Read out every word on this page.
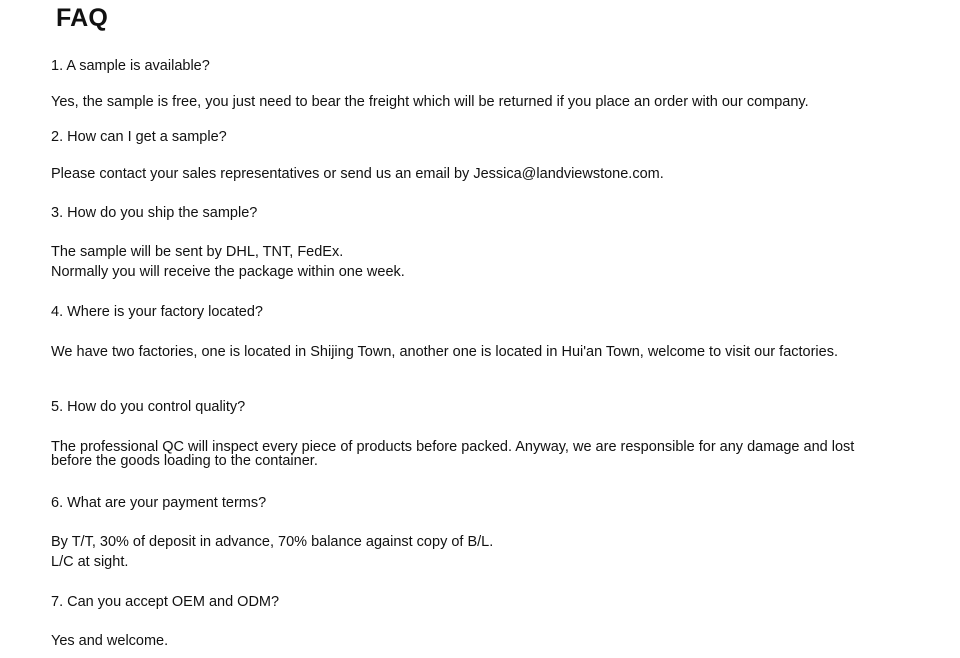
FAQ

1. A sample is available?

Yes, the sample is free, you just need to bear the freight which will be returned if you place an order with our company.

2. How can I get a sample?

Please contact your sales representatives or send us an email by Jessica@landviewstone.com.

3. How do you ship the sample?

The sample will be sent by DHL, TNT, FedEx.

Normally you will receive the package within one week.

4. Where is your factory located?

We have two factories, one is located in Shijing Town, another one is located in Hui'an Town, welcome to visit our factories.

5. How do you control quality?

The professional QC will inspect every piece of products before packed. Anyway, we are responsible for any damage and lost before the goods loading to the container.

6. What are your payment terms?

By T/T, 30% of deposit in advance, 70% balance against copy of B/L.

L/C at sight.

7. Can you accept OEM and ODM?

Yes and welcome.
